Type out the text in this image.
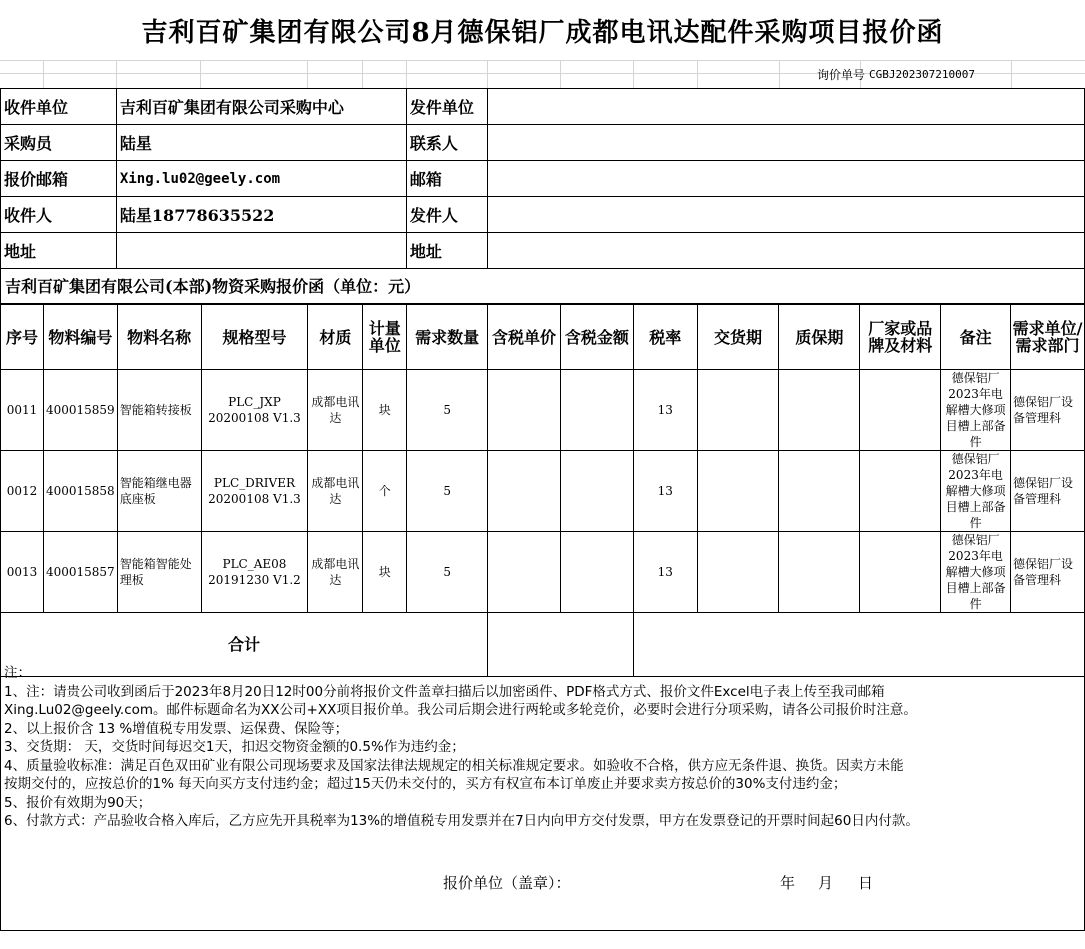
吉利百矿集团有限公司8月德保铝厂成都电讯达配件采购项目报价函
询价单号 CGBJ202307210007
收件单位	吉利百矿集团有限公司采购中心	发件单位	
采购员	陆星	联系人	
报价邮箱	Xing.lu02@geely.com	邮箱	
收件人	陆星18778635522	发件人	
地址		地址	
吉利百矿集团有限公司(本部)物资采购报价函（单位：元）
序号	物料编号	物料名称	规格型号	材质	计量单位	需求数量	含税单价	含税金额	税率	交货期	质保期	厂家或品牌及材料	备注	需求单位/需求部门
0011	400015859	智能箱转接板	PLC_JXP 20200108 V1.3	成都电讯达	块	5			13				德保铝厂2023年电解槽大修项目槽上部备件	德保铝厂设备管理科
0012	400015858	智能箱继电器底座板	PLC_DRIVER 20200108 V1.3	成都电讯达	个	5			13				德保铝厂2023年电解槽大修项目槽上部备件	德保铝厂设备管理科
0013	400015857	智能箱智能处理板	PLC_AE08 20191230 V1.2	成都电讯达	块	5			13				德保铝厂2023年电解槽大修项目槽上部备件	德保铝厂设备管理科
合计														
注：
1、注：请贵公司收到函后于2023年8月20日12时00分前将报价文件盖章扫描后以加密函件、PDF格式方式、报价文件Excel电子表上传至我司邮箱
Xing.Lu02@geely.com。邮件标题命名为XX公司+XX项目报价单。我公司后期会进行两轮或多轮竞价，必要时会进行分项采购，请各公司报价时注意。
2、以上报价含 13 %增值税专用发票、运保费、保险等；
3、交货期： 天，交货时间每迟交1天，扣迟交物资金额的0.5%作为违约金；
4、质量验收标准：满足百色双田矿业有限公司现场要求及国家法律法规规定的相关标准规定要求。如验收不合格，供方应无条件退、换货。因卖方未能
按期交付的，应按总价的1% 每天向买方支付违约金；超过15天仍未交付的，买方有权宣布本订单废止并要求卖方按总价的30%支付违约金；
5、报价有效期为90天；
6、付款方式：产品验收合格入库后，乙方应先开具税率为13%的增值税专用发票并在7日内向甲方交付发票，甲方在发票登记的开票时间起60日内付款。
报价单位（盖章）：	年 月 日
